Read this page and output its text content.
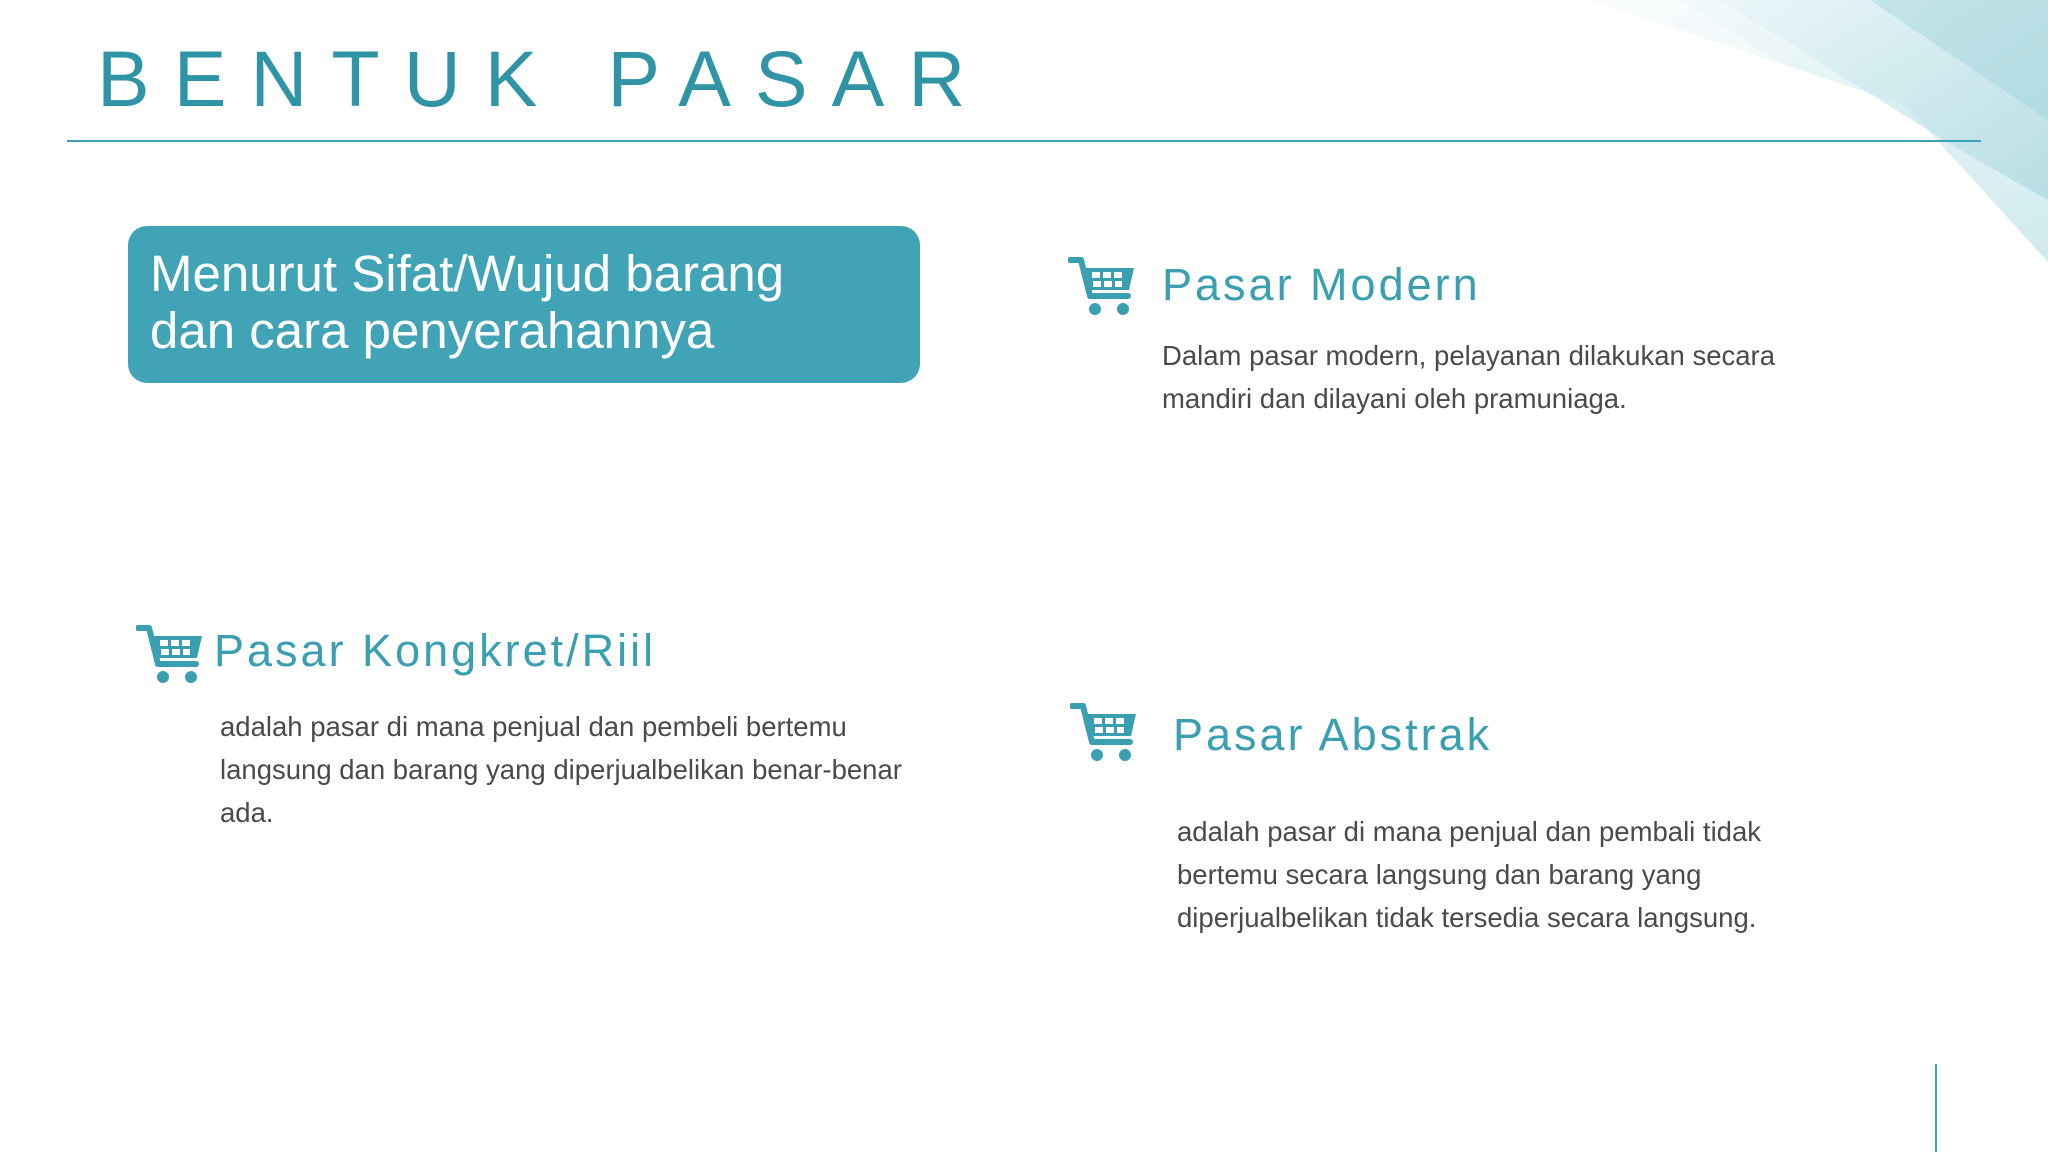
BENTUK PASAR
Menurut Sifat/Wujud barang
dan cara penyerahannya
Pasar Modern
Dalam pasar modern, pelayanan dilakukan secara
mandiri dan dilayani oleh pramuniaga.
Pasar Kongkret/Riil
adalah pasar di mana penjual dan pembeli bertemu
langsung dan barang yang diperjualbelikan benar-benar
ada.
Pasar Abstrak
adalah pasar di mana penjual dan pembali tidak
bertemu secara langsung dan barang yang
diperjualbelikan tidak tersedia secara langsung.
